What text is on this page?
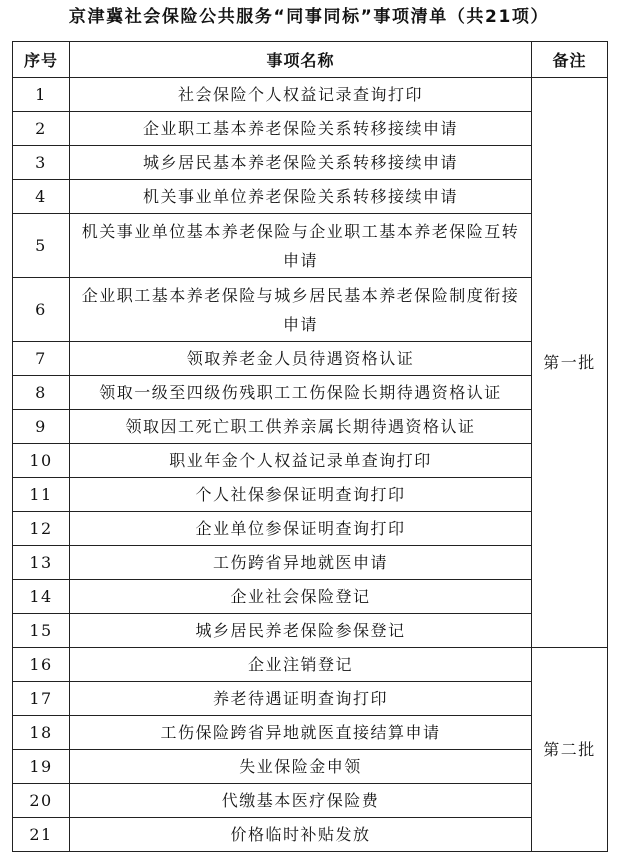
京津冀社会保险公共服务“同事同标”事项清单（共21项）
序号	事项名称	备注
1	社会保险个人权益记录查询打印	第一批
2	企业职工基本养老保险关系转移接续申请	
3	城乡居民基本养老保险关系转移接续申请	
4	机关事业单位养老保险关系转移接续申请	
5	机关事业单位基本养老保险与企业职工基本养老保险互转申请	
6	企业职工基本养老保险与城乡居民基本养老保险制度衔接申请	
7	领取养老金人员待遇资格认证	
8	领取一级至四级伤残职工工伤保险长期待遇资格认证	
9	领取因工死亡职工供养亲属长期待遇资格认证	
10	职业年金个人权益记录单查询打印	
11	个人社保参保证明查询打印	
12	企业单位参保证明查询打印	
13	工伤跨省异地就医申请	
14	企业社会保险登记	
15	城乡居民养老保险参保登记	
16	企业注销登记	第二批
17	养老待遇证明查询打印	
18	工伤保险跨省异地就医直接结算申请	
19	失业保险金申领	
20	代缴基本医疗保险费	
21	价格临时补贴发放	
